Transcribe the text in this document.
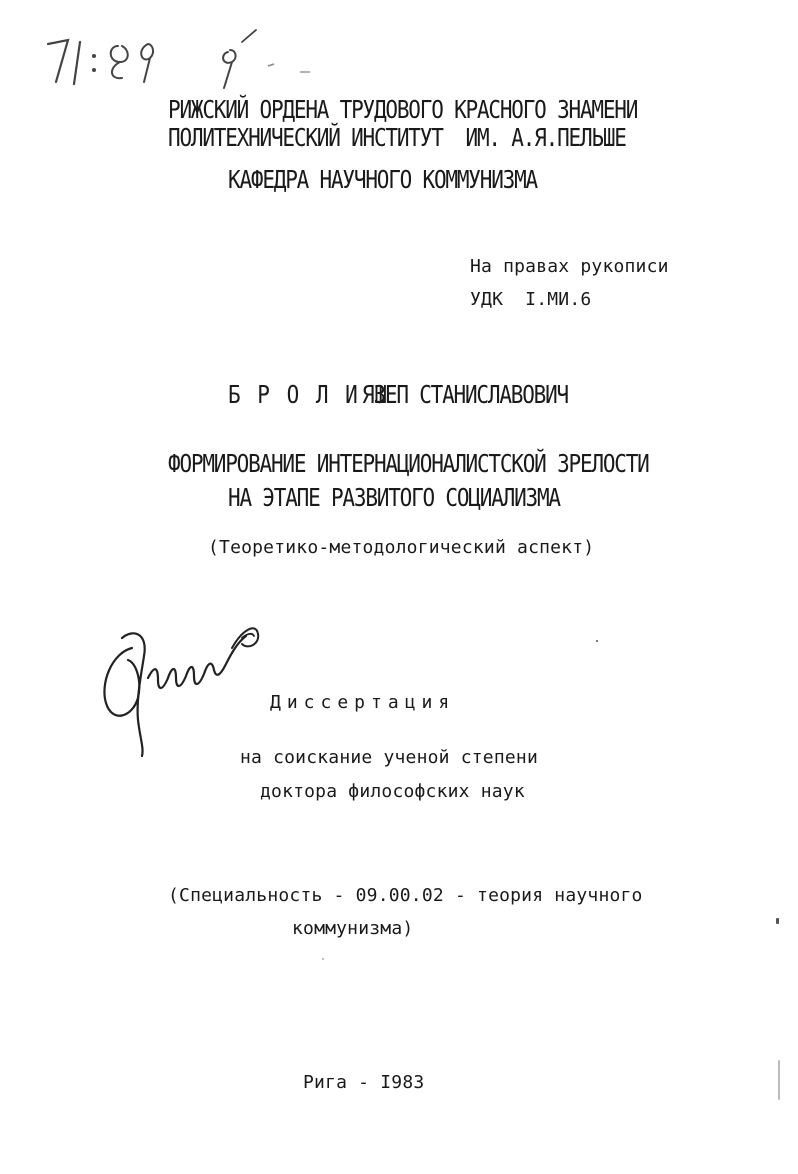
РИЖСКИЙ ОРДЕНА ТРУДОВОГО КРАСНОГО ЗНАМЕНИ
ПОЛИТЕХНИЧЕСКИЙ ИНСТИТУТ  ИМ. А.Я.ПЕЛЬШЕ
КАФЕДРА НАУЧНОГО КОММУНИЗМА
На правах рукописи
УДК  I.МИ.6
Б Р О Л И Ш
ЯЗЕП СТАНИСЛАВОВИЧ
ФОРМИРОВАНИЕ ИНТЕРНАЦИОНАЛИСТСКОЙ ЗРЕЛОСТИ
НА ЭТАПЕ РАЗВИТОГО СОЦИАЛИЗМА
(Теоретико-методологический аспект)
Диссертация
на соискание ученой степени
доктора философских наук
(Специальность - 09.00.02 - теория научного
коммунизма)
Рига - I983
